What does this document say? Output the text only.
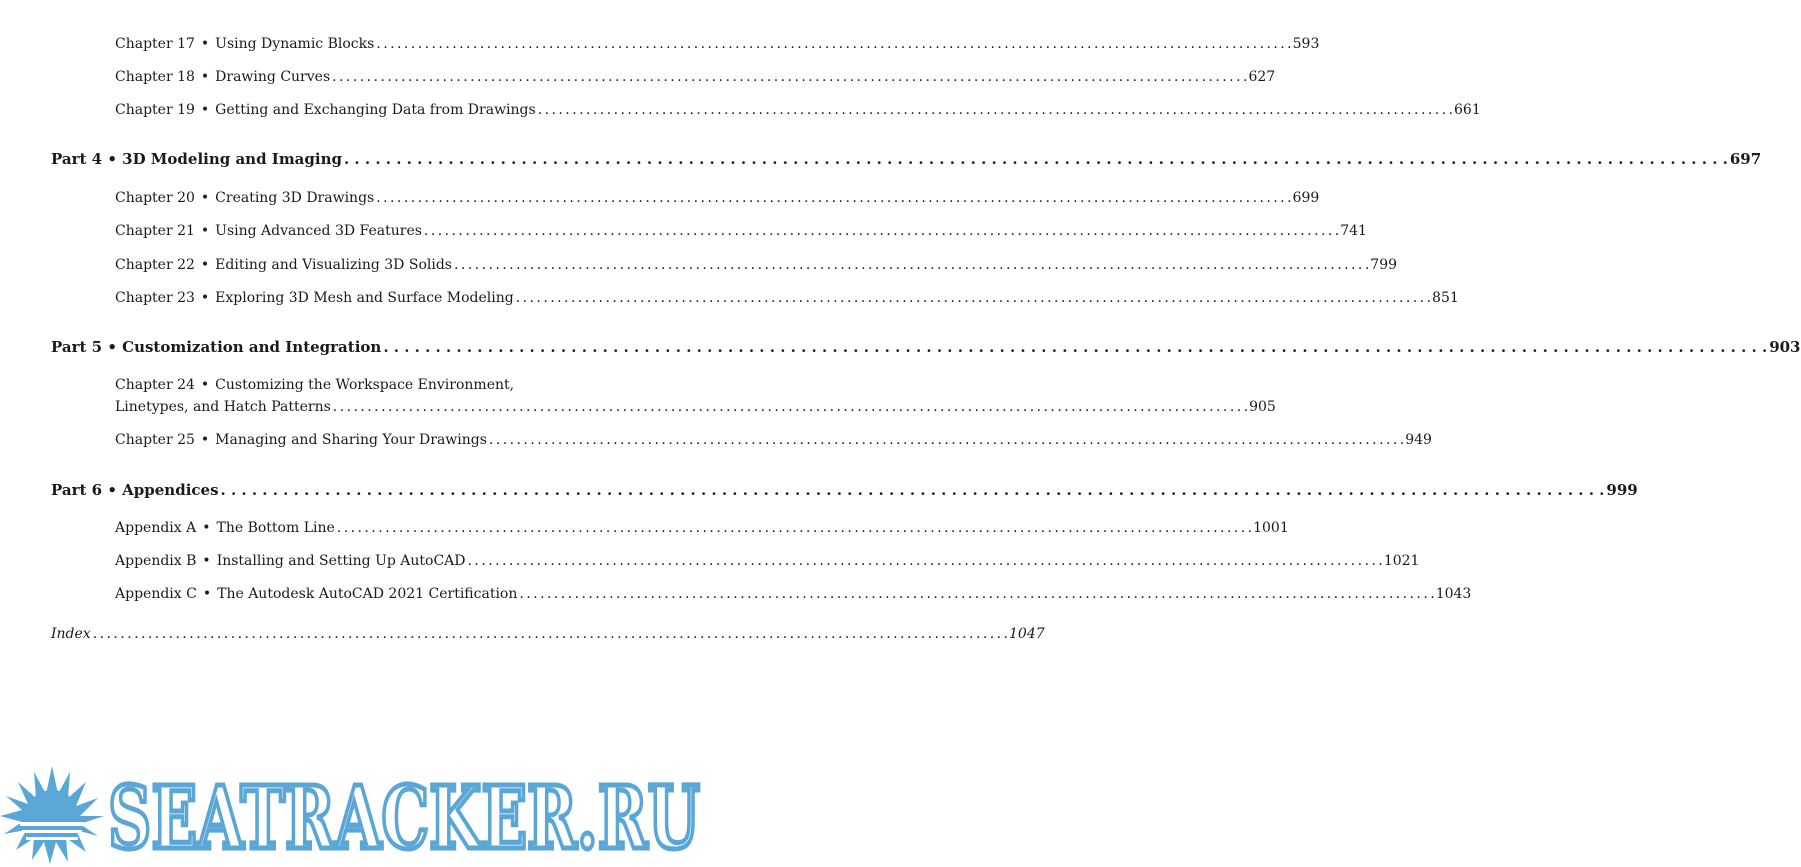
Chapter 17 • Using Dynamic Blocks . . .	593
Chapter 18 • Drawing Curves . . .	627
Chapter 19 • Getting and Exchanging Data from Drawings . . .	661
Part 4 • 3D Modeling and Imaging . . .	697
Chapter 20 • Creating 3D Drawings . . .	699
Chapter 21 • Using Advanced 3D Features . . .	741
Chapter 22 • Editing and Visualizing 3D Solids . . .	799
Chapter 23 • Exploring 3D Mesh and Surface Modeling . . .	851
Part 5 • Customization and Integration . . .	903
Chapter 24 • Customizing the Workspace Environment,
Linetypes, and Hatch Patterns . . .	905
Chapter 25 • Managing and Sharing Your Drawings . . .	949
Part 6 • Appendices . . .	999
Appendix A • The Bottom Line . . .	1001
Appendix B • Installing and Setting Up AutoCAD . . .	1021
Appendix C • The Autodesk AutoCAD 2021 Certification . . .	1043
Index . . .	1047
SEATRACKER.RU
